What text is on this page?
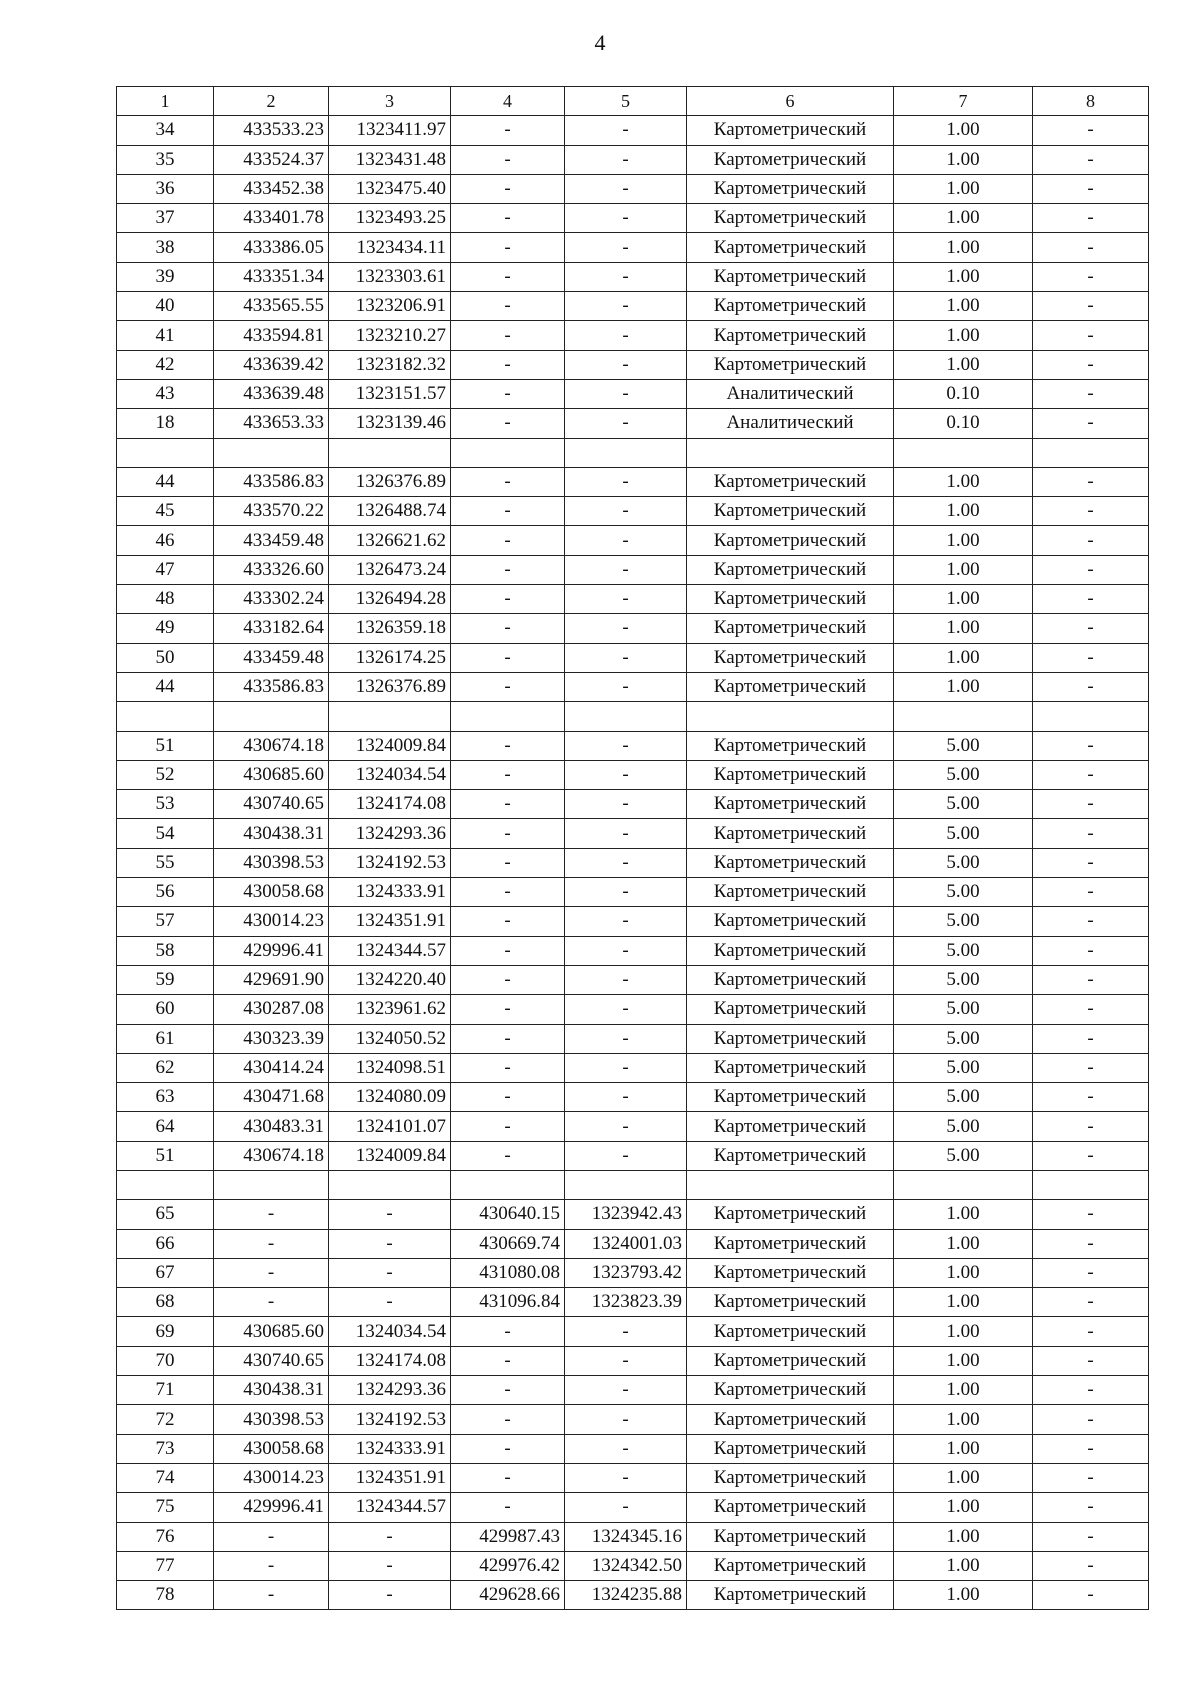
4
1	2	3	4	5	6	7	8
34	433533.23	1323411.97	-	-	Картометрический	1.00	-
35	433524.37	1323431.48	-	-	Картометрический	1.00	-
36	433452.38	1323475.40	-	-	Картометрический	1.00	-
37	433401.78	1323493.25	-	-	Картометрический	1.00	-
38	433386.05	1323434.11	-	-	Картометрический	1.00	-
39	433351.34	1323303.61	-	-	Картометрический	1.00	-
40	433565.55	1323206.91	-	-	Картометрический	1.00	-
41	433594.81	1323210.27	-	-	Картометрический	1.00	-
42	433639.42	1323182.32	-	-	Картометрический	1.00	-
43	433639.48	1323151.57	-	-	Аналитический	0.10	-
18	433653.33	1323139.46	-	-	Аналитический	0.10	-

44	433586.83	1326376.89	-	-	Картометрический	1.00	-
45	433570.22	1326488.74	-	-	Картометрический	1.00	-
46	433459.48	1326621.62	-	-	Картометрический	1.00	-
47	433326.60	1326473.24	-	-	Картометрический	1.00	-
48	433302.24	1326494.28	-	-	Картометрический	1.00	-
49	433182.64	1326359.18	-	-	Картометрический	1.00	-
50	433459.48	1326174.25	-	-	Картометрический	1.00	-
44	433586.83	1326376.89	-	-	Картометрический	1.00	-

51	430674.18	1324009.84	-	-	Картометрический	5.00	-
52	430685.60	1324034.54	-	-	Картометрический	5.00	-
53	430740.65	1324174.08	-	-	Картометрический	5.00	-
54	430438.31	1324293.36	-	-	Картометрический	5.00	-
55	430398.53	1324192.53	-	-	Картометрический	5.00	-
56	430058.68	1324333.91	-	-	Картометрический	5.00	-
57	430014.23	1324351.91	-	-	Картометрический	5.00	-
58	429996.41	1324344.57	-	-	Картометрический	5.00	-
59	429691.90	1324220.40	-	-	Картометрический	5.00	-
60	430287.08	1323961.62	-	-	Картометрический	5.00	-
61	430323.39	1324050.52	-	-	Картометрический	5.00	-
62	430414.24	1324098.51	-	-	Картометрический	5.00	-
63	430471.68	1324080.09	-	-	Картометрический	5.00	-
64	430483.31	1324101.07	-	-	Картометрический	5.00	-
51	430674.18	1324009.84	-	-	Картометрический	5.00	-

65	-	-	430640.15	1323942.43	Картометрический	1.00	-
66	-	-	430669.74	1324001.03	Картометрический	1.00	-
67	-	-	431080.08	1323793.42	Картометрический	1.00	-
68	-	-	431096.84	1323823.39	Картометрический	1.00	-
69	430685.60	1324034.54	-	-	Картометрический	1.00	-
70	430740.65	1324174.08	-	-	Картометрический	1.00	-
71	430438.31	1324293.36	-	-	Картометрический	1.00	-
72	430398.53	1324192.53	-	-	Картометрический	1.00	-
73	430058.68	1324333.91	-	-	Картометрический	1.00	-
74	430014.23	1324351.91	-	-	Картометрический	1.00	-
75	429996.41	1324344.57	-	-	Картометрический	1.00	-
76	-	-	429987.43	1324345.16	Картометрический	1.00	-
77	-	-	429976.42	1324342.50	Картометрический	1.00	-
78	-	-	429628.66	1324235.88	Картометрический	1.00	-
